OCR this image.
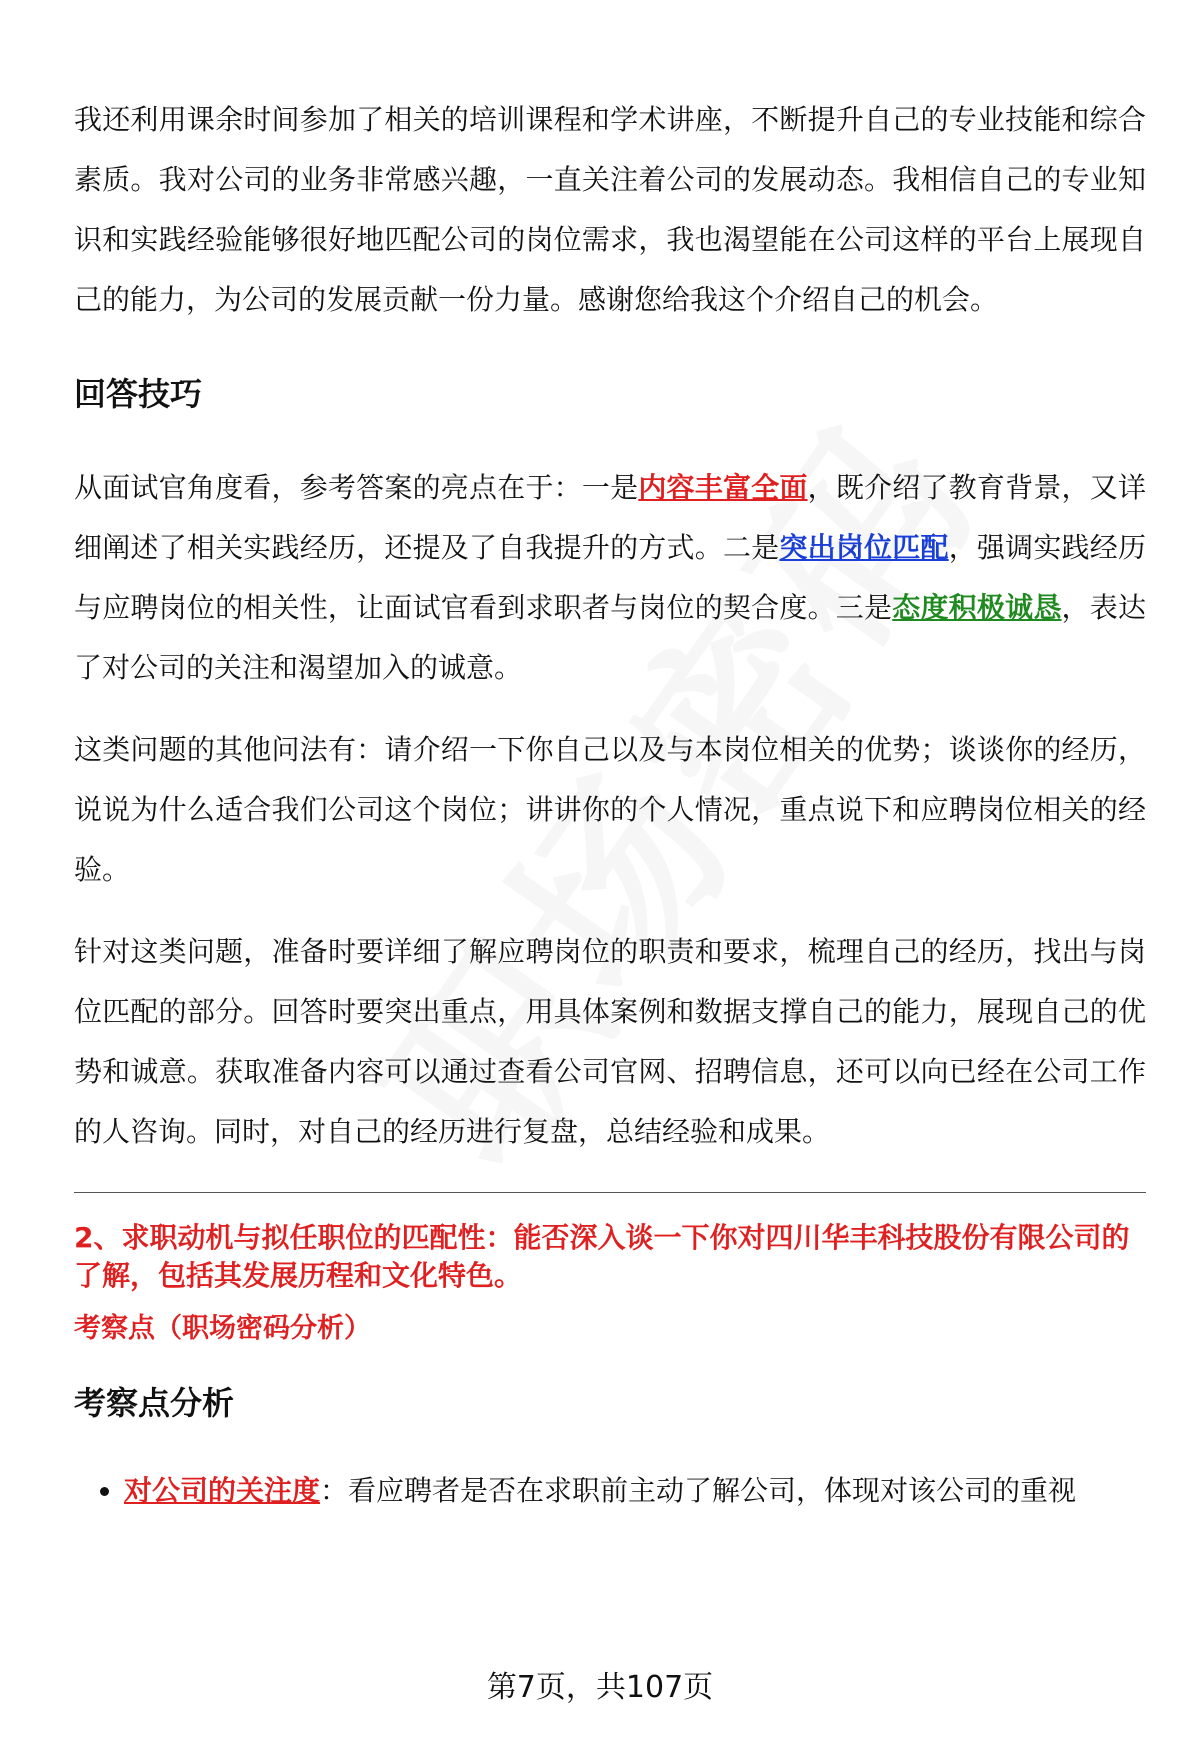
我还利用课余时间参加了相关的培训课程和学术讲座，不断提升自己的专业技能和综合素质。我对公司的业务非常感兴趣，一直关注着公司的发展动态。我相信自己的专业知识和实践经验能够很好地匹配公司的岗位需求，我也渴望能在公司这样的平台上展现自己的能力，为公司的发展贡献一份力量。感谢您给我这个介绍自己的机会。

回答技巧

从面试官角度看，参考答案的亮点在于：一是内容丰富全面，既介绍了教育背景，又详细阐述了相关实践经历，还提及了自我提升的方式。二是突出岗位匹配，强调实践经历与应聘岗位的相关性，让面试官看到求职者与岗位的契合度。三是态度积极诚恳，表达了对公司的关注和渴望加入的诚意。

这类问题的其他问法有：请介绍一下你自己以及与本岗位相关的优势；谈谈你的经历，说说为什么适合我们公司这个岗位；讲讲你的个人情况，重点说下和应聘岗位相关的经验。

针对这类问题，准备时要详细了解应聘岗位的职责和要求，梳理自己的经历，找出与岗位匹配的部分。回答时要突出重点，用具体案例和数据支撑自己的能力，展现自己的优势和诚意。获取准备内容可以通过查看公司官网、招聘信息，还可以向已经在公司工作的人咨询。同时，对自己的经历进行复盘，总结经验和成果。

2、求职动机与拟任职位的匹配性：能否深入谈一下你对四川华丰科技股份有限公司的了解，包括其发展历程和文化特色。

考察点（职场密码分析）

考察点分析
对公司的关注度：看应聘者是否在求职前主动了解公司，体现对该公司的重视
第7页，共107页
